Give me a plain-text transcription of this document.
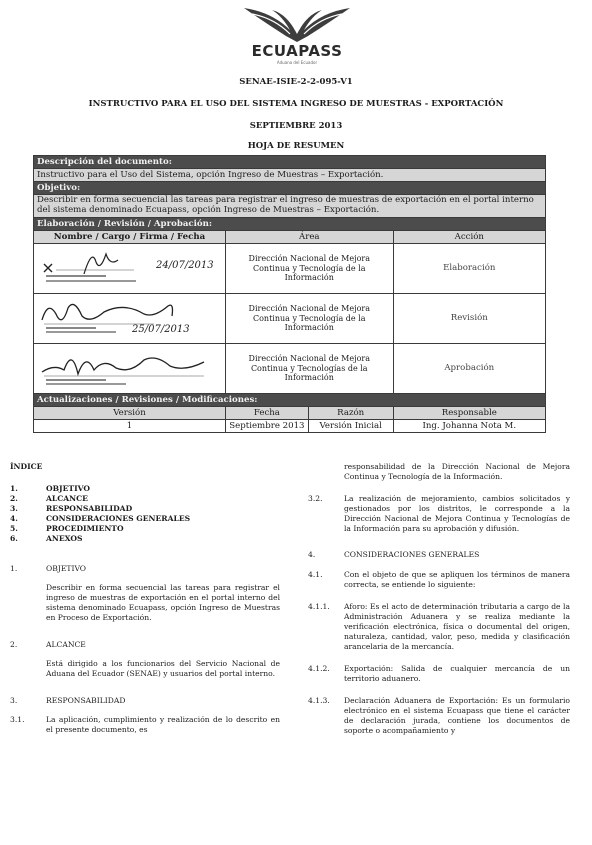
ECUAPASS
Aduana del Ecuador
SENAE-ISIE-2-2-095-V1
INSTRUCTIVO PARA EL USO DEL SISTEMA INGRESO DE MUESTRAS - EXPORTACIÓN
SEPTIEMBRE 2013
HOJA DE RESUMEN
Descripción del documento:			
Instructivo para el Uso del Sistema, opción Ingreso de Muestras – Exportación.			
Objetivo:			
Describir en forma secuencial las tareas para registrar el ingreso de muestras de exportación en el portal interno del sistema denominado Ecuapass, opción Ingreso de Muestras – Exportación.			
Elaboración / Revisión / Aprobación:			
Nombre / Cargo / Firma / Fecha	Área		Acción

24/07/2013	Dirección Nacional de Mejora Continua y Tecnología de la Información		Elaboración

25/07/2013	Dirección Nacional de Mejora Continua y Tecnología de la Información		Revisión

	Dirección Nacional de Mejora Continua y Tecnologías de la Información		Aprobación
Actualizaciones / Revisiones / Modificaciones:			
Versión	Fecha	Razón	Responsable
1	Septiembre 2013	Versión Inicial	Ing. Johanna Nota M.

ÍNDICE

1.	OBJETIVO
2.	ALCANCE
3.	RESPONSABILIDAD
4.	CONSIDERACIONES GENERALES
5.	PROCEDIMIENTO
6.	ANEXOS
1.	OBJETIVO

Describir en forma secuencial las tareas para registrar el ingreso de muestras de exportación en el portal interno del sistema denominado Ecuapass, opción Ingreso de Muestras en Proceso de Exportación.

2.	ALCANCE

Está dirigido a los funcionarios del Servicio Nacional de Aduana del Ecuador (SENAE) y usuarios del portal interno.

3.	RESPONSABILIDAD
3.1.	La aplicación, cumplimiento y realización de lo descrito en el presente documento, es

responsabilidad de la Dirección Nacional de Mejora Continua y Tecnología de la Información.

3.2.	La realización de mejoramiento, cambios solicitados y gestionados por los distritos, le corresponde a la Dirección Nacional de Mejora Continua y Tecnologías de la Información para su aprobación y difusión.

4.	CONSIDERACIONES GENERALES
4.1.	Con el objeto de que se apliquen los términos de manera correcta, se entiende lo siguiente:

4.1.1.	Aforo: Es el acto de determinación tributaria a cargo de la Administración Aduanera y se realiza mediante la verificación electrónica, física o documental del origen, naturaleza, cantidad, valor, peso, medida y clasificación arancelaria de la mercancía.

4.1.2.	Exportación: Salida de cualquier mercancía de un territorio aduanero.

4.1.3.	Declaración Aduanera de Exportación: Es un formulario electrónico en el sistema Ecuapass que tiene el carácter de declaración jurada, contiene los documentos de soporte o acompañamiento y
